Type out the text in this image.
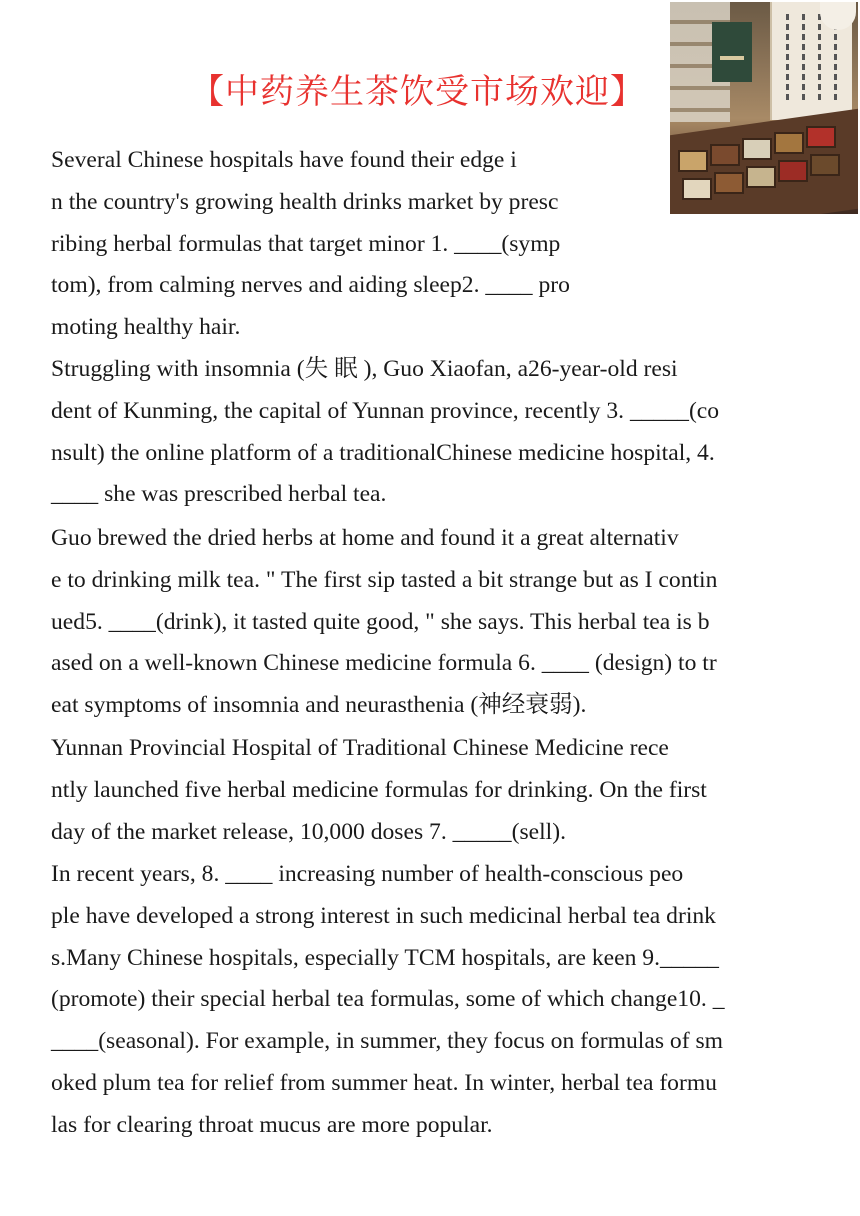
【中药养生茶饮受市场欢迎】

Several Chinese hospitals have found their edge i
n the country's growing health drinks market by presc
ribing herbal formulas that target minor 1. ____(symp
tom), from calming nerves and aiding sleep2. ____ pro
moting healthy hair.

Struggling with insomnia (失 眠 ), Guo Xiaofan, a26-year-old resi
dent of Kunming, the capital of Yunnan province, recently 3. _____(co
nsult) the online platform of a traditionalChinese medicine hospital, 4.
____ she was prescribed herbal tea.

Guo brewed the dried herbs at home and found it a great alternativ
e to drinking milk tea. " The first sip tasted a bit strange but as I contin
ued5. ____(drink), it tasted quite good, " she says. This herbal tea is b
ased on a well-known Chinese medicine formula 6. ____ (design) to tr
eat symptoms of insomnia and neurasthenia (神经衰弱).

Yunnan Provincial Hospital of Traditional Chinese Medicine rece
ntly launched five herbal medicine formulas for drinking. On the first
day of the market release, 10,000 doses 7. _____(sell).

In recent years, 8. ____ increasing number of health-conscious peo
ple have developed a strong interest in such medicinal herbal tea drink
s.Many Chinese hospitals, especially TCM hospitals, are keen 9._____
(promote) their special herbal tea formulas, some of which change10. _
____(seasonal). For example, in summer, they focus on formulas of sm
oked plum tea for relief from summer heat. In winter, herbal tea formu
las for clearing throat mucus are more popular.
